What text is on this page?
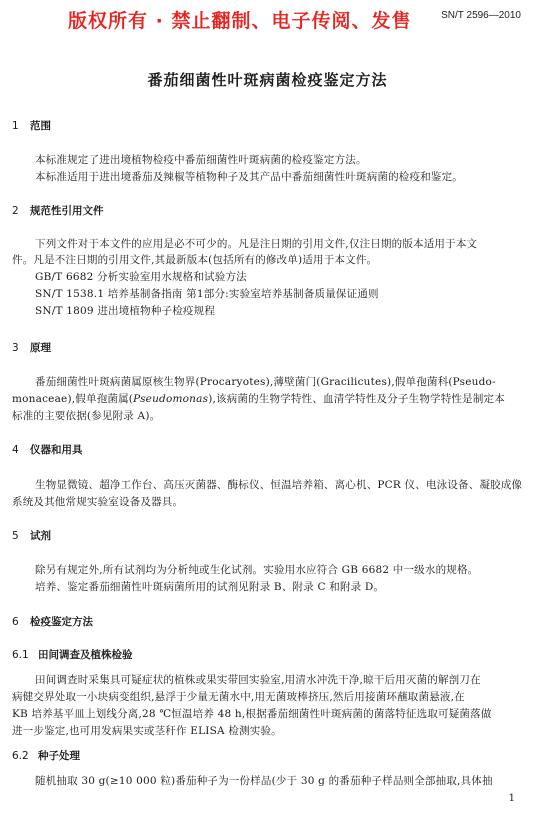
版权所有 · 禁止翻制、电子传阅、发售	SN/T 2596—2010
番茄细菌性叶斑病菌检疫鉴定方法
1 范围
本标准规定了进出境植物检疫中番茄细菌性叶斑病菌的检疫鉴定方法。
本标准适用于进出境番茄及辣椒等植物种子及其产品中番茄细菌性叶斑病菌的检疫和鉴定。
2 规范性引用文件
下列文件对于本文件的应用是必不可少的。凡是注日期的引用文件,仅注日期的版本适用于本文
件。凡是不注日期的引用文件,其最新版本(包括所有的修改单)适用于本文件。
GB/T 6682 分析实验室用水规格和试验方法
SN/T 1538.1 培养基制备指南 第1部分:实验室培养基制备质量保证通则
SN/T 1809 进出境植物种子检疫规程
3 原理
番茄细菌性叶斑病菌属原核生物界(Procaryotes),薄壁菌门(Gracilicutes),假单孢菌科(Pseudo-
monaceae),假单孢菌属(Pseudomonas),该病菌的生物学特性、血清学特性及分子生物学特性是制定本
标准的主要依据(参见附录 A)。
4 仪器和用具
生物显微镜、超净工作台、高压灭菌器、酶标仪、恒温培养箱、离心机、PCR 仪、电泳设备、凝胶成像
系统及其他常规实验室设备及器具。
5 试剂
除另有规定外,所有试剂均为分析纯或生化试剂。实验用水应符合 GB 6682 中一级水的规格。
培养、鉴定番茄细菌性叶斑病菌所用的试剂见附录 B、附录 C 和附录 D。
6 检疫鉴定方法
6.1 田间调查及植株检验
田间调查时采集具可疑症状的植株或果实带回实验室,用清水冲洗干净,晾干后用灭菌的解剖刀在
病健交界处取一小块病变组织,悬浮于少量无菌水中,用无菌玻棒挤压,然后用接菌环蘸取菌悬液,在
KB 培养基平皿上划线分离,28 ℃恒温培养 48 h,根据番茄细菌性叶斑病菌的菌落特征选取可疑菌落做
进一步鉴定,也可用发病果实或茎秆作 ELISA 检测实验。
6.2 种子处理
随机抽取 30 g(≥10 000 粒)番茄种子为一份样品(少于 30 g 的番茄种子样品则全部抽取,具体抽
1
